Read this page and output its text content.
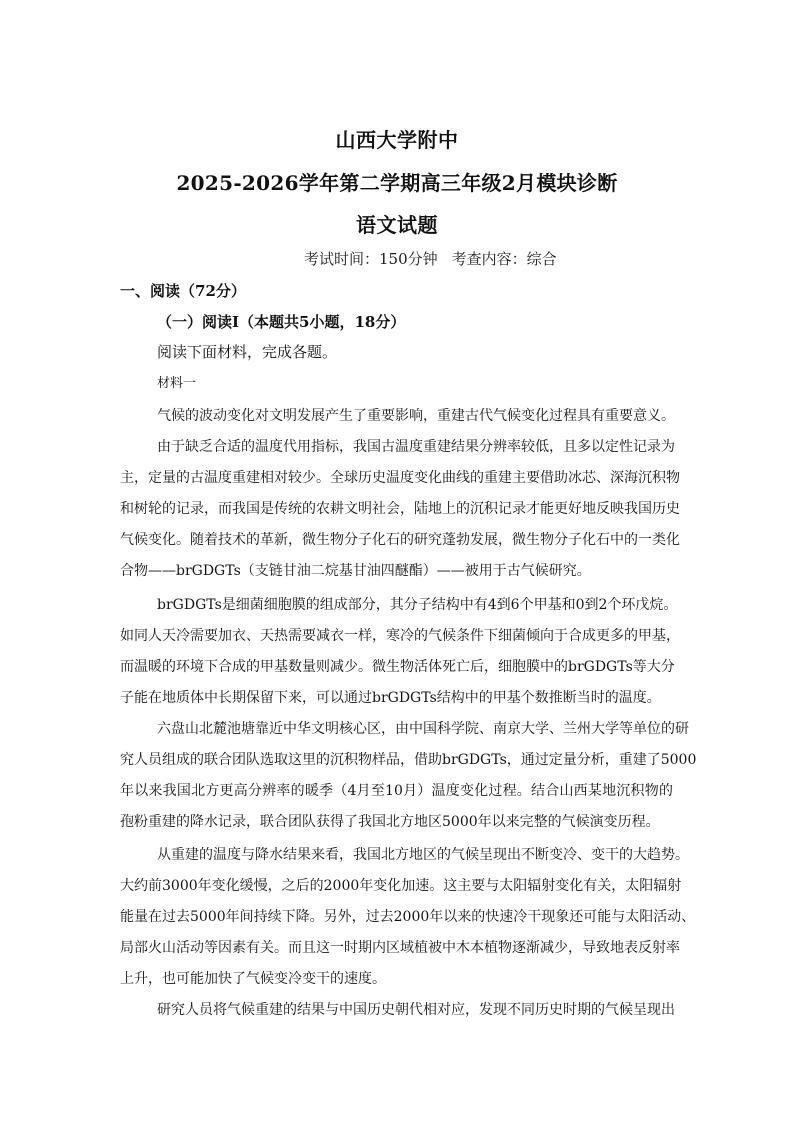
山西大学附中
2025-2026学年第二学期高三年级2月模块诊断
语文试题
考试时间：150分钟 考查内容：综合
一、阅读（72分）
（一）阅读Ⅰ（本题共5小题，18分）
阅读下面材料，完成各题。
材料一
气候的波动变化对文明发展产生了重要影响，重建古代气候变化过程具有重要意义。
由于缺乏合适的温度代用指标，我国古温度重建结果分辨率较低，且多以定性记录为
主，定量的古温度重建相对较少。全球历史温度变化曲线的重建主要借助冰芯、深海沉积物
和树轮的记录，而我国是传统的农耕文明社会，陆地上的沉积记录才能更好地反映我国历史
气候变化。随着技术的革新，微生物分子化石的研究蓬勃发展，微生物分子化石中的一类化
合物——brGDGTs（支链甘油二烷基甘油四醚酯）——被用于古气候研究。
brGDGTs是细菌细胞膜的组成部分，其分子结构中有4到6个甲基和0到2个环戊烷。
如同人天冷需要加衣、天热需要减衣一样，寒冷的气候条件下细菌倾向于合成更多的甲基，
而温暖的环境下合成的甲基数量则减少。微生物活体死亡后，细胞膜中的brGDGTs等大分
子能在地质体中长期保留下来，可以通过brGDGTs结构中的甲基个数推断当时的温度。
六盘山北麓池塘靠近中华文明核心区，由中国科学院、南京大学、兰州大学等单位的研
究人员组成的联合团队选取这里的沉积物样品，借助brGDGTs，通过定量分析，重建了5000
年以来我国北方更高分辨率的暖季（4月至10月）温度变化过程。结合山西某地沉积物的
孢粉重建的降水记录，联合团队获得了我国北方地区5000年以来完整的气候演变历程。
从重建的温度与降水结果来看，我国北方地区的气候呈现出不断变冷、变干的大趋势。
大约前3000年变化缓慢，之后的2000年变化加速。这主要与太阳辐射变化有关，太阳辐射
能量在过去5000年间持续下降。另外，过去2000年以来的快速冷干现象还可能与太阳活动、
局部火山活动等因素有关。而且这一时期内区域植被中木本植物逐渐减少，导致地表反射率
上升，也可能加快了气候变冷变干的速度。
研究人员将气候重建的结果与中国历史朝代相对应，发现不同历史时期的气候呈现出
